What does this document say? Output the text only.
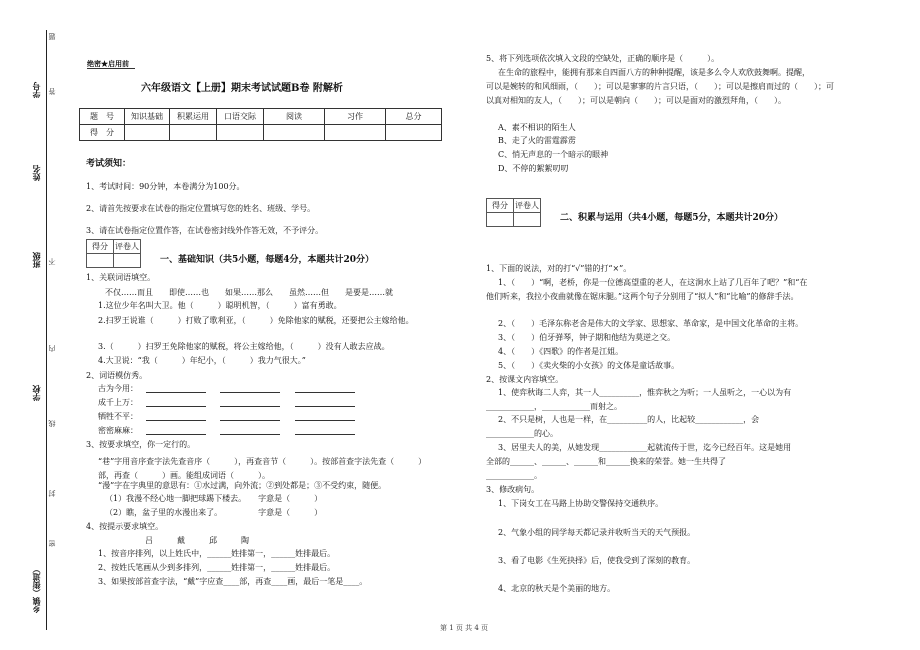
学号
姓名
班级
学校
乡镇（街道）
题
答
不
内
线
封
密
绝密★启用前
六年级语文【上册】期末考试试题B卷 附解析
题　号	知识基础	积累运用	口语交际	阅读	习作	总分
得　分						
考试须知：
1、考试时间：90分钟，本卷满分为100分。
2、请首先按要求在试卷的指定位置填写您的姓名、班级、学号。
3、请在试卷指定位置作答，在试卷密封线外作答无效，不予评分。
得分	评卷人

一、基础知识（共5小题，每题4分，本题共计20分）
1、关联词语填空。
不仅……而且　　即使……也　　如果……那么　　虽然……但　　是要是……就
1.这位少年名叫大卫。他（　　　）聪明机智，（　　　）富有勇敢。
2.扫罗王说谁（　　　）打败了歌利亚，（　　　）免除他家的赋税，还要把公主嫁给他。
3.（　　　）扫罗王免除他家的赋税，将公主嫁给他，（　　　）没有人敢去应战。
4.大卫说：“我（　　　）年纪小，（　　　）我力气很大。”
2、词语模仿秀。
古为今用：
成千上万：
牺牲不平：
密密麻麻：
3、按要求填空，你一定行的。
“巷”字用音序查字法先查音序（　　　），再查音节（　　　）。按部首查字法先查（　　　）部，再查（　　　）画。能组成词语（　　　）。
“漫”字在字典里的意思有：①水过满，向外流；②到处都是；③不受约束，随便。
（1）我漫不经心地一脚把球踢下楼去。　　字意是（　　　）
（2）瞧，盆子里的水漫出来了。　　　　　字意是（　　　）
4、按提示要求填空。
吕　　　戴　　　邱　　　陶
1、按音序排列，以上姓氏中，______姓排第一，______姓排最后。
2、按姓氏笔画从少到多排列，______姓排第一，______姓排最后。
3、如果按部首查字法，“戴”字应查____部，再查____画，最后一笔是____。
5、将下列选项依次填入文段的空缺处，正确的顺序是（　　　）。
在生命的旅程中，能拥有那来自四面八方的种种提醒，该是多么令人欢欣鼓舞啊。提醒，
可以是婉转的和风细雨，（　　）；可以是寥寥的片言只语，（　　）；可以是擦肩而过的（　　）；可
以真对相知的友人，（　　）；可以是朝向（　　）；可以是面对的激烈拜角，（　　）。
A、素不相识的陌生人
B、走了火的雷霆霹雳
C、悄无声息的一个暗示的眼神
D、不停的絮絮叨叨
得分	评卷人

二、积累与运用（共4小题，每题5分，本题共计20分）
1、下面的说法，对的打“√”错的打“×”。
1、（　　）“啊，老桥，你是一位德高望重的老人，在这涧水上站了几百年了吧？”和“在
他们听来，我拉小夜曲就像在锯床腿。”这两个句子分别用了“拟人”和“比喻”的修辞手法。
2、（　　）毛泽东称老舍是伟大的文学家、思想家、革命家，是中国文化革命的主将。
3、（　　）伯牙弹琴，钟子期和他结为莫逆之交。
4、（　　）《四歌》的作者是江姐。
5、（　　）《卖火柴的小女孩》的文体是童话故事。
2、按课文内容填空。
1、使弈秋诲二人弈，其一人__________，惟弈秋之为听；一人虽听之，一心以为有
____________，____________而射之。
2、不只是树，人也是一样，在__________的人，比起较____________，会
____________的心。
3、居里夫人的美，从她发现____________起就流传于世，迄今已经百年。这是她用
全部的______、______、______和______换来的荣誉。她一生共得了
____________。
3、修改病句。
1、下岗女工在马路上协助交警保持交通秩序。
2、气象小组的同学每天都记录并收听当天的天气预报。
3、看了电影《生死抉择》后，使我受到了深刻的教育。
4、北京的秋天是个美丽的地方。
第 1 页 共 4 页
